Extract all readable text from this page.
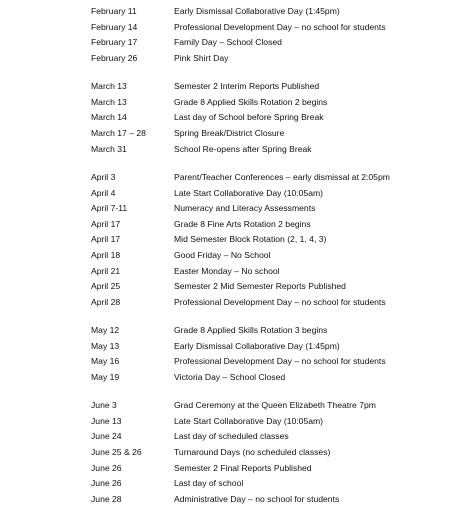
February 11	Early Dismissal Collaborative Day (1:45pm)
February 14	Professional Development Day – no school for students
February 17	Family Day – School Closed
February 26	Pink Shirt Day
March 13	Semester 2 Interim Reports Published
March 13	Grade 8 Applied Skills Rotation 2 begins
March 14	Last day of School before Spring Break
March 17 – 28	Spring Break/District Closure
March 31	School Re-opens after Spring Break
April 3	Parent/Teacher Conferences – early dismissal at 2:05pm
April 4	Late Start Collaborative Day (10:05am)
April 7-11	Numeracy and Literacy Assessments
April 17	Grade 8 Fine Arts Rotation 2 begins
April 17	Mid Semester Block Rotation (2, 1, 4, 3)
April 18	Good Friday – No School
April 21	Easter Monday – No school
April 25	Semester 2 Mid Semester Reports Published
April 28	Professional Development Day – no school for students
May 12	Grade 8 Applied Skills Rotation 3 begins
May 13	Early Dismissal Collaborative Day (1:45pm)
May 16	Professional Development Day – no school for students
May 19	Victoria Day – School Closed
June 3	Grad Ceremony at the Queen Elizabeth Theatre 7pm
June 13	Late Start Collaborative Day (10:05am)
June 24	Last day of scheduled classes
June 25 & 26	Turnaround Days (no scheduled classes)
June 26	Semester 2 Final Reports Published
June 26	Last day of school
June 28	Administrative Day – no school for students
